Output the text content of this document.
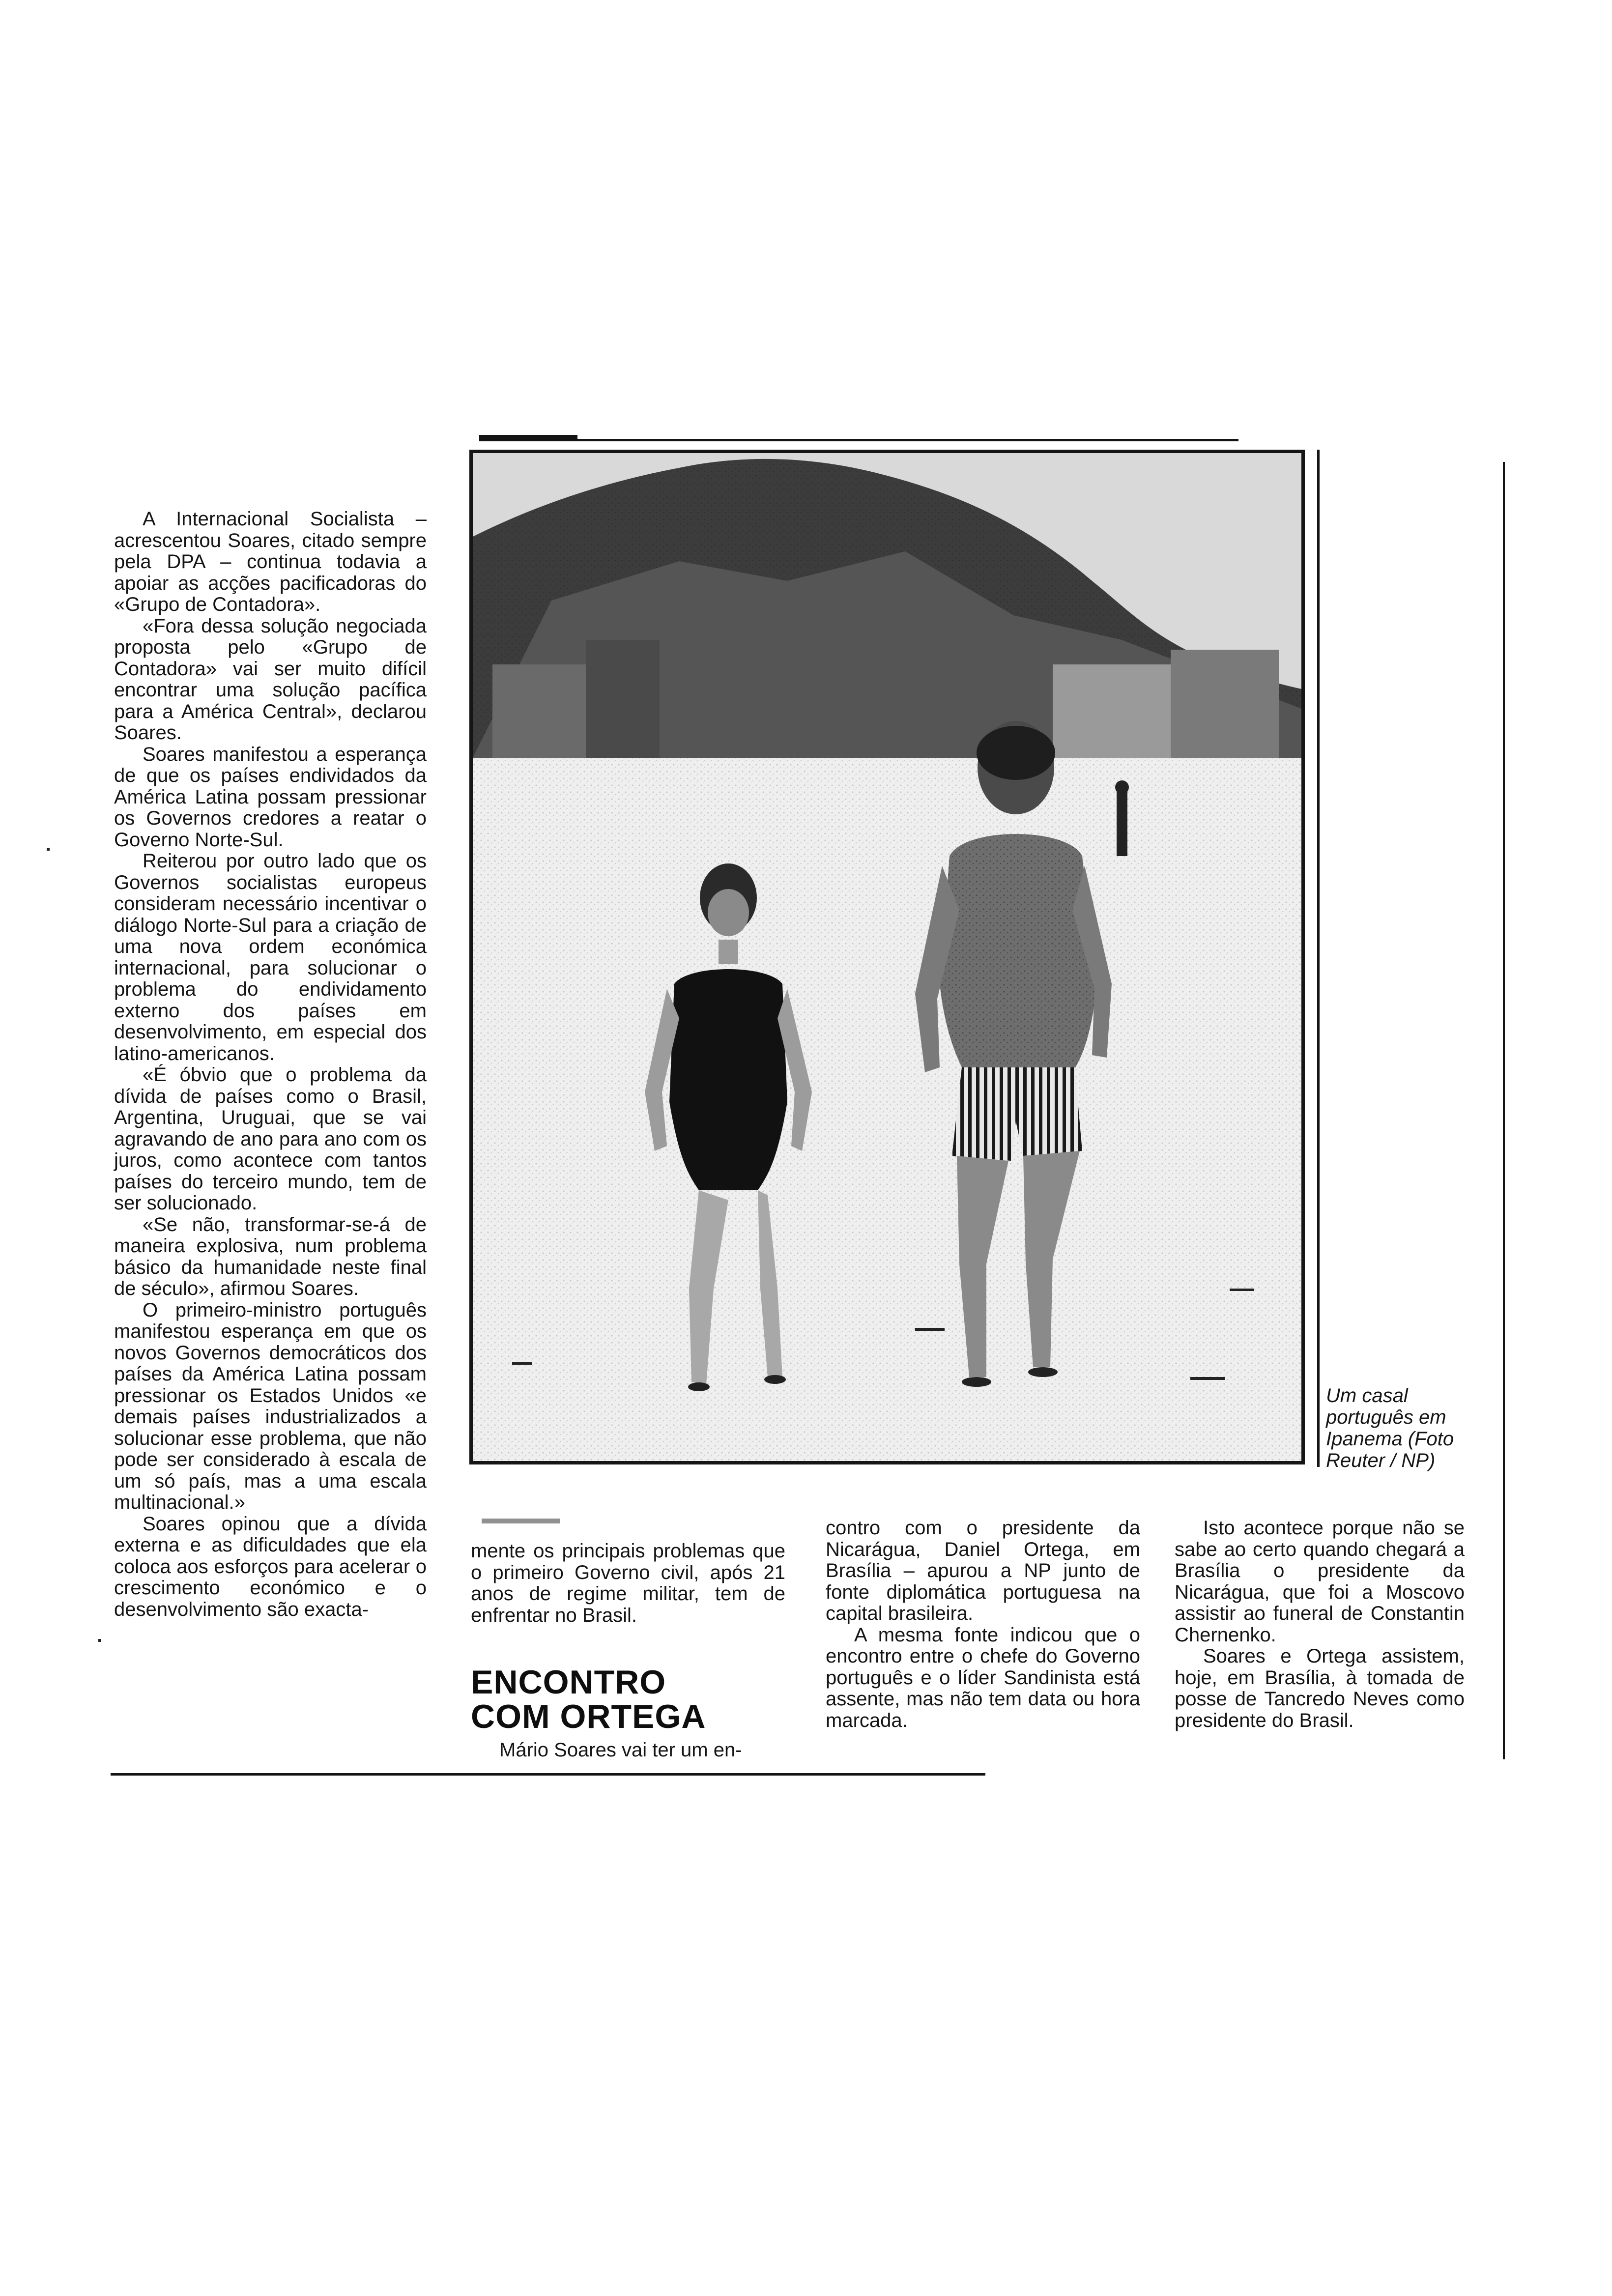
A Internacional Socialista – acrescentou Soares, citado sempre pela DPA – continua todavia a apoiar as acções pacificadoras do «Grupo de Contadora».

«Fora dessa solução negociada proposta pelo «Grupo de Contadora» vai ser muito difícil encontrar uma solução pacífica para a América Central», declarou Soares.

Soares manifestou a esperança de que os países endividados da América Latina possam pressionar os Governos credores a reatar o Governo Norte-Sul.

Reiterou por outro lado que os Governos socialistas europeus consideram necessário incentivar o diálogo Norte-Sul para a criação de uma nova ordem económica internacional, para solucionar o problema do endividamento externo dos países em desenvolvimento, em especial dos latino-americanos.

«É óbvio que o problema da dívida de países como o Brasil, Argentina, Uruguai, que se vai agravando de ano para ano com os juros, como acontece com tantos países do terceiro mundo, tem de ser solucionado.

«Se não, transformar-se-á de maneira explosiva, num problema básico da humanidade neste final de século», afirmou Soares.

O primeiro-ministro português manifestou esperança em que os novos Governos democráticos dos países da América Latina possam pressionar os Estados Unidos «e demais países industrializados a solucionar esse problema, que não pode ser considerado à escala de um só país, mas a uma escala multinacional.»

Soares opinou que a dívida externa e as dificuldades que ela coloca aos esforços para acelerar o crescimento económico e o desenvolvimento são exacta-

Um casal português em Ipanema (Foto Reuter / NP)

mente os principais problemas que o primeiro Governo civil, após 21 anos de regime militar, tem de enfrentar no Brasil.

ENCONTRO
COM ORTEGA

Mário Soares vai ter um en-

contro com o presidente da Nicarágua, Daniel Ortega, em Brasília – apurou a NP junto de fonte diplomática portuguesa na capital brasileira.

A mesma fonte indicou que o encontro entre o chefe do Governo português e o líder Sandinista está assente, mas não tem data ou hora marcada.

Isto acontece porque não se sabe ao certo quando chegará a Brasília o presidente da Nicarágua, que foi a Moscovo assistir ao funeral de Constantin Chernenko.

Soares e Ortega assistem, hoje, em Brasília, à tomada de posse de Tancredo Neves como presidente do Brasil.
